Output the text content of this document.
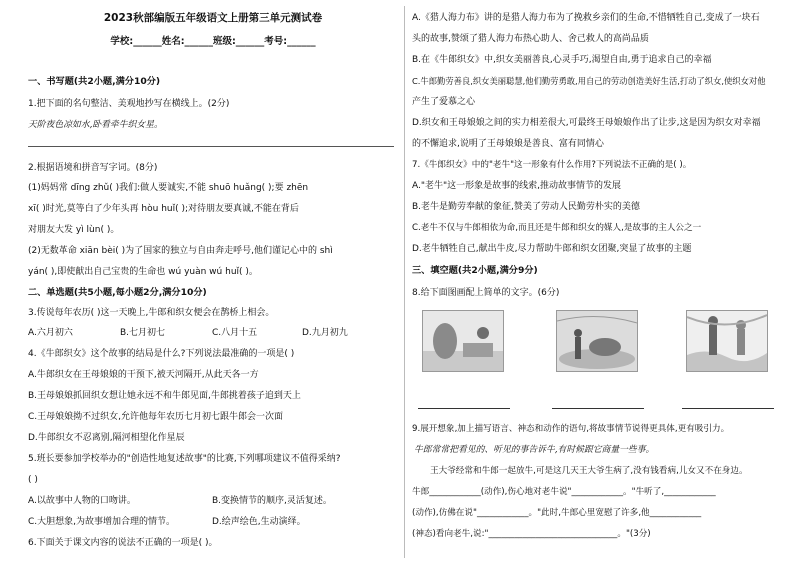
2023秋部编版五年级语文上册第三单元测试卷
学校:______姓名:______班级:______考号:______
一、书写题(共2小题,满分10分)
1.把下面的名句整洁、美观地抄写在横线上。(2分)
天阶夜色凉如水,卧看牵牛织女星。
2.根据语境和拼音写字词。(8分)
(1)妈妈常 dīng zhǔ( )我们:做人要诚实,不能 shuō huǎng( );要 zhēn
xī( )时光,莫等白了少年头再 hòu huǐ( );对待朋友要真诚,不能在背后
对朋友大发 yì lùn( )。
(2)无数革命 xiān bèi( )为了国家的独立与自由奔走呼号,他们谨记心中的 shì
yán( ),即使献出自己宝贵的生命也 wú yuàn wú huǐ( )。
二、单选题(共5小题,每小题2分,满分10分)
3.传说每年农历( )这一天晚上,牛郎和织女便会在鹊桥上相会。
A.六月初六	B.七月初七	C.八月十五	D.九月初九
4.《牛郎织女》这个故事的结局是什么?下列说法最准确的一项是( )
A.牛郎织女在王母娘娘的干预下,被天河隔开,从此天各一方
B.王母娘娘抓回织女想让她永远不和牛郎见面,牛郎挑着孩子追到天上
C.王母娘娘拗不过织女,允许他每年农历七月初七跟牛郎会一次面
D.牛郎织女不忍离别,隔河相望化作星辰
5.班长要参加学校举办的"创造性地复述故事"的比赛,下列哪项建议不值得采纳?
( )
A.以故事中人物的口吻讲。	B.变换情节的顺序,灵活复述。
C.大胆想象,为故事增加合理的情节。	D.绘声绘色,生动演绎。
6.下面关于课文内容的说法不正确的一项是( )。
A.《猎人海力布》讲的是猎人海力布为了挽救乡亲们的生命,不惜牺牲自己,变成了一块石
头的故事,赞颂了猎人海力布热心助人、舍己救人的高尚品质
B.在《牛郎织女》中,织女美丽善良,心灵手巧,渴望自由,勇于追求自己的幸福
C.牛郎勤劳善良,织女美丽聪慧,他们勤劳勇敢,用自己的劳动创造美好生活,打动了织女,使织女对他
产生了爱慕之心
D.织女和王母娘娘之间的实力相差很大,可最终王母娘娘作出了让步,这是因为织女对幸福
的不懈追求,说明了王母娘娘是善良、富有同情心
7.《牛郎织女》中的"老牛"这一形象有什么作用?下列说法不正确的是( )。
A."老牛"这一形象是故事的线索,推动故事情节的发展
B.老牛是勤劳奉献的象征,赞美了劳动人民勤劳朴实的美德
C.老牛不仅与牛郎相依为命,而且还是牛郎和织女的媒人,是故事的主人公之一
D.老牛牺牲自己,献出牛皮,尽力帮助牛郎和织女团聚,突显了故事的主题
三、填空题(共2小题,满分9分)
8.给下面图画配上简单的文字。(6分)
9.展开想象,加上描写语言、神态和动作的语句,将故事情节说得更具体,更有吸引力。
牛郎常常把看见的、听见的事告诉牛,有时候跟它商量一些事。
王大爷经常和牛郎一起放牛,可是这几天王大爷生病了,没有钱看病,儿女又不在身边。
牛郎____________(动作),伤心地对老牛说"____________。"牛听了,____________
(动作),仿佛在说"____________。"此时,牛郎心里宽慰了许多,他____________
(神态)看向老牛,说:"______________________________。"(3分)
